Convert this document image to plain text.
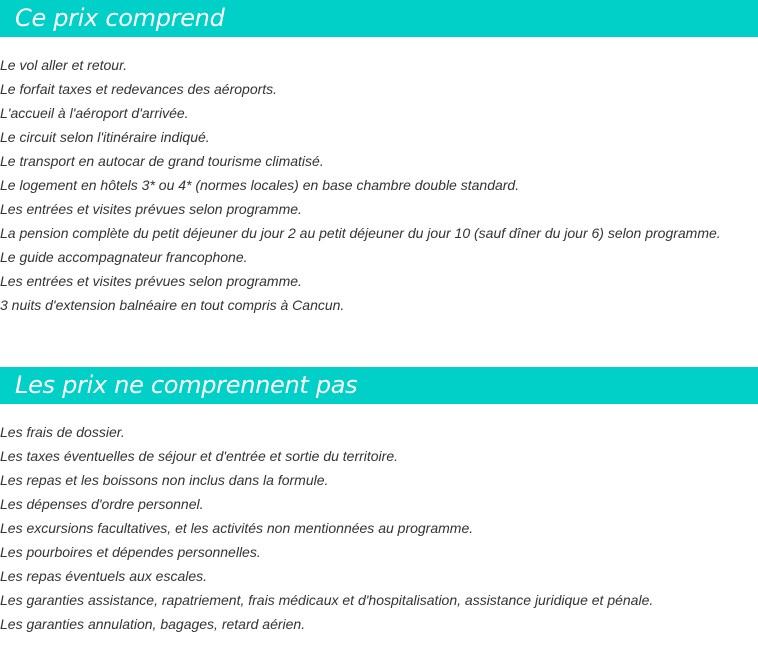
Ce prix comprend
Le vol aller et retour.
Le forfait taxes et redevances des aéroports.
L'accueil à l'aéroport d'arrivée.
Le circuit selon l'itinéraire indiqué.
Le transport en autocar de grand tourisme climatisé.
Le logement en hôtels 3* ou 4* (normes locales) en base chambre double standard.
Les entrées et visites prévues selon programme.
La pension complète du petit déjeuner du jour 2 au petit déjeuner du jour 10 (sauf dîner du jour 6) selon programme.
Le guide accompagnateur francophone.
Les entrées et visites prévues selon programme.
3 nuits d'extension balnéaire en tout compris à Cancun.
Les prix ne comprennent pas
Les frais de dossier.
Les taxes éventuelles de séjour et d'entrée et sortie du territoire.
Les repas et les boissons non inclus dans la formule.
Les dépenses d'ordre personnel.
Les excursions facultatives, et les activités non mentionnées au programme.
Les pourboires et dépendes personnelles.
Les repas éventuels aux escales.
Les garanties assistance, rapatriement, frais médicaux et d'hospitalisation, assistance juridique et pénale.
Les garanties annulation, bagages, retard aérien.
